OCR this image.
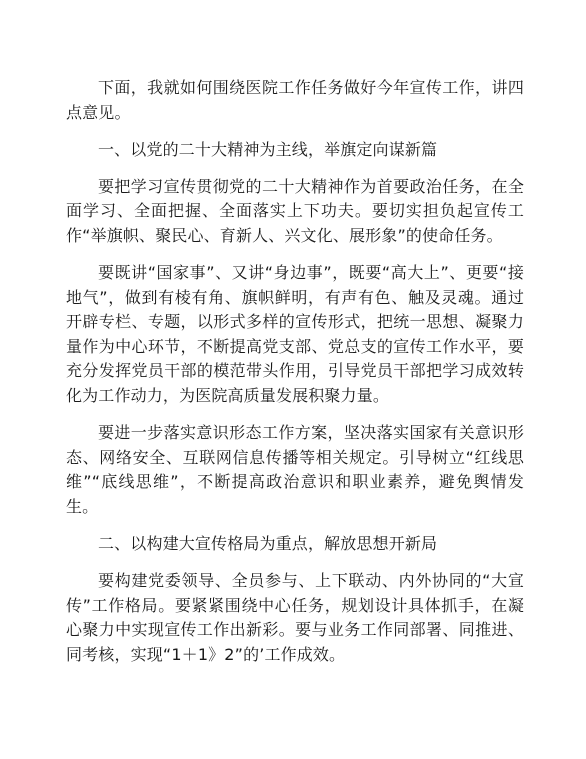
下面，我就如何围绕医院工作任务做好今年宣传工作，讲四点意见。

一、以党的二十大精神为主线，举旗定向谋新篇

要把学习宣传贯彻党的二十大精神作为首要政治任务，在全面学习、全面把握、全面落实上下功夫。要切实担负起宣传工作“举旗帜、聚民心、育新人、兴文化、展形象”的使命任务。

要既讲“国家事”、又讲“身边事”，既要“高大上”、更要“接地气”，做到有棱有角、旗帜鲜明，有声有色、触及灵魂。通过开辟专栏、专题，以形式多样的宣传形式，把统一思想、凝聚力量作为中心环节，不断提高党支部、党总支的宣传工作水平，要充分发挥党员干部的模范带头作用，引导党员干部把学习成效转化为工作动力，为医院高质量发展积聚力量。

要进一步落实意识形态工作方案，坚决落实国家有关意识形态、网络安全、互联网信息传播等相关规定。引导树立“红线思维”“底线思维”，不断提高政治意识和职业素养，避免舆情发生。

二、以构建大宣传格局为重点，解放思想开新局

要构建党委领导、全员参与、上下联动、内外协同的“大宣传”工作格局。要紧紧围绕中心任务，规划设计具体抓手，在凝心聚力中实现宣传工作出新彩。要与业务工作同部署、同推进、同考核，实现“1＋1》2”的’工作成效。
